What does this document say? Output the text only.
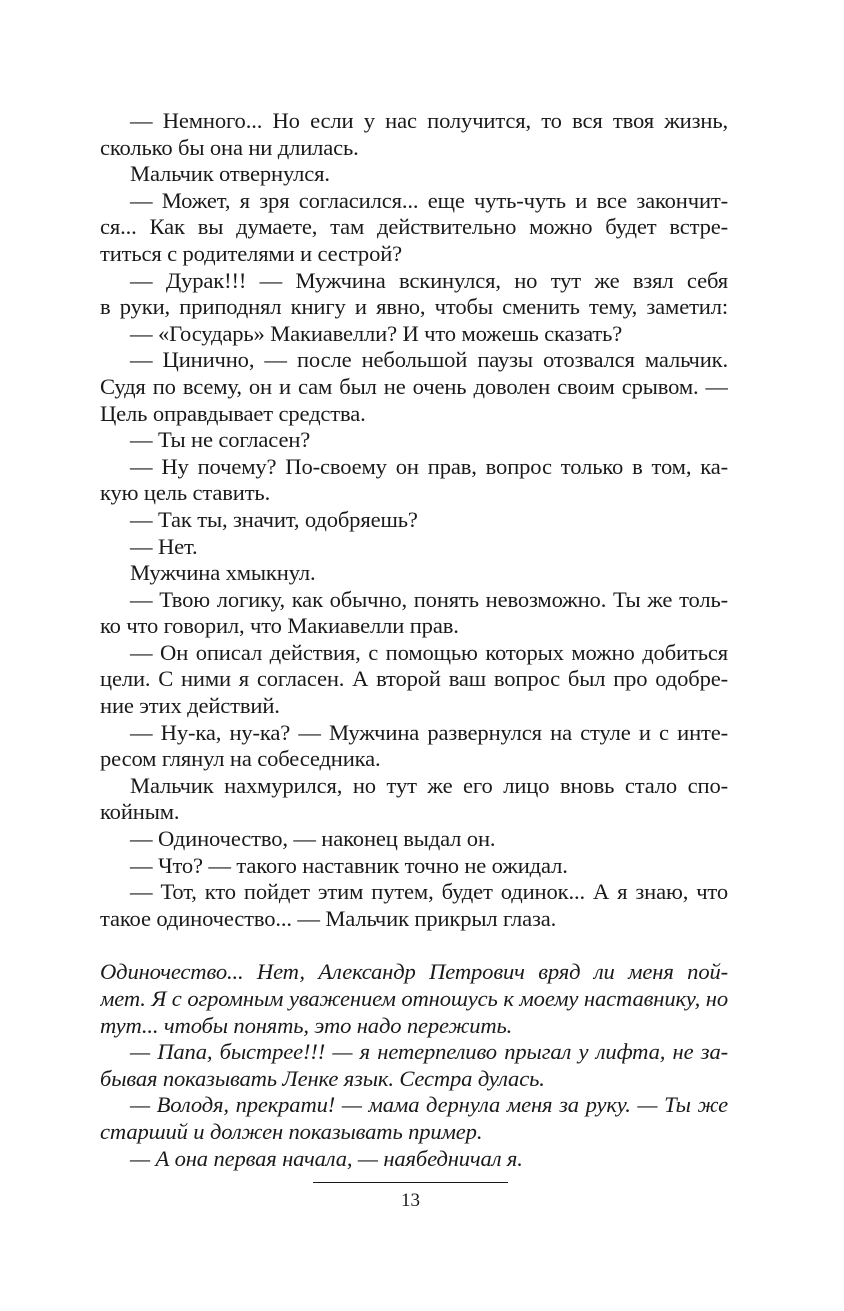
— Немного... Но если у нас получится, то вся твоя жизнь,
сколько бы она ни длилась.
Мальчик отвернулся.
— Может, я зря согласился... еще чуть-чуть и все закончит-
ся... Как вы думаете, там действительно можно будет встре-
титься с родителями и сестрой?
— Дурак!!! — Мужчина вскинулся, но тут же взял себя
в руки, приподнял книгу и явно, чтобы сменить тему, заметил:
— «Государь» Макиавелли? И что можешь сказать?
— Цинично, — после небольшой паузы отозвался мальчик.
Судя по всему, он и сам был не очень доволен своим срывом. —
Цель оправдывает средства.
— Ты не согласен?
— Ну почему? По-своему он прав, вопрос только в том, ка-
кую цель ставить.
— Так ты, значит, одобряешь?
— Нет.
Мужчина хмыкнул.
— Твою логику, как обычно, понять невозможно. Ты же толь-
ко что говорил, что Макиавелли прав.
— Он описал действия, с помощью которых можно добиться
цели. С ними я согласен. А второй ваш вопрос был про одобре-
ние этих действий.
— Ну-ка, ну-ка? — Мужчина развернулся на стуле и с инте-
ресом глянул на собеседника.
Мальчик нахмурился, но тут же его лицо вновь стало спо-
койным.
— Одиночество, — наконец выдал он.
— Что? — такого наставник точно не ожидал.
— Тот, кто пойдет этим путем, будет одинок... А я знаю, что
такое одиночество... — Мальчик прикрыл глаза.
Одиночество... Нет, Александр Петрович вряд ли меня пой-
мет. Я с огромным уважением отношусь к моему наставнику, но
тут... чтобы понять, это надо пережить.
— Папа, быстрее!!! — я нетерпеливо прыгал у лифта, не за-
бывая показывать Ленке язык. Сестра дулась.
— Володя, прекрати! — мама дернула меня за руку. — Ты же
старший и должен показывать пример.
— А она первая начала, — наябедничал я.
13
